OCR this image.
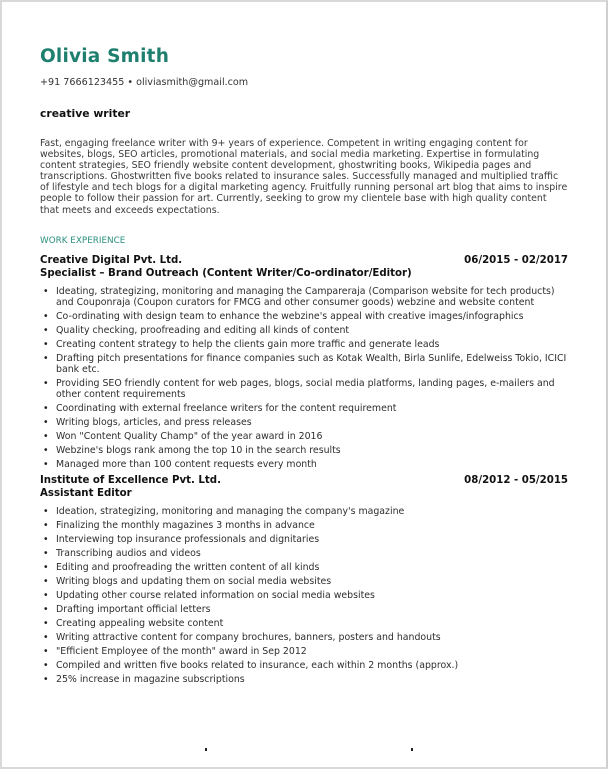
Olivia Smith
+91 7666123455 • oliviasmith@gmail.com
creative writer
Fast, engaging freelance writer with 9+ years of experience. Competent in writing engaging content for websites, blogs, SEO articles, promotional materials, and social media marketing. Expertise in formulating content strategies, SEO friendly website content development, ghostwriting books, Wikipedia pages and transcriptions. Ghostwritten five books related to insurance sales. Successfully managed and multiplied traffic of lifestyle and tech blogs for a digital marketing agency. Fruitfully running personal art blog that aims to inspire people to follow their passion for art. Currently, seeking to grow my clientele base with high quality content that meets and exceeds expectations.
WORK EXPERIENCE
Creative Digital Pvt. Ltd.	06/2015 - 02/2017
Specialist – Brand Outreach (Content Writer/Co-ordinator/Editor)
• Ideating, strategizing, monitoring and managing the Campareraja (Comparison website for tech products) and Couponraja (Coupon curators for FMCG and other consumer goods) webzine and website content
• Co-ordinating with design team to enhance the webzine's appeal with creative images/infographics
• Quality checking, proofreading and editing all kinds of content
• Creating content strategy to help the clients gain more traffic and generate leads
• Drafting pitch presentations for finance companies such as Kotak Wealth, Birla Sunlife, Edelweiss Tokio, ICICI bank etc.
• Providing SEO friendly content for web pages, blogs, social media platforms, landing pages, e-mailers and other content requirements
• Coordinating with external freelance writers for the content requirement
• Writing blogs, articles, and press releases
• Won "Content Quality Champ" of the year award in 2016
• Webzine's blogs rank among the top 10 in the search results
• Managed more than 100 content requests every month
Institute of Excellence Pvt. Ltd.	08/2012 - 05/2015
Assistant Editor
• Ideation, strategizing, monitoring and managing the company's magazine
• Finalizing the monthly magazines 3 months in advance
• Interviewing top insurance professionals and dignitaries
• Transcribing audios and videos
• Editing and proofreading the written content of all kinds
• Writing blogs and updating them on social media websites
• Updating other course related information on social media websites
• Drafting important official letters
• Creating appealing website content
• Writing attractive content for company brochures, banners, posters and handouts
• "Efficient Employee of the month" award in Sep 2012
• Compiled and written five books related to insurance, each within 2 months (approx.)
• 25% increase in magazine subscriptions
